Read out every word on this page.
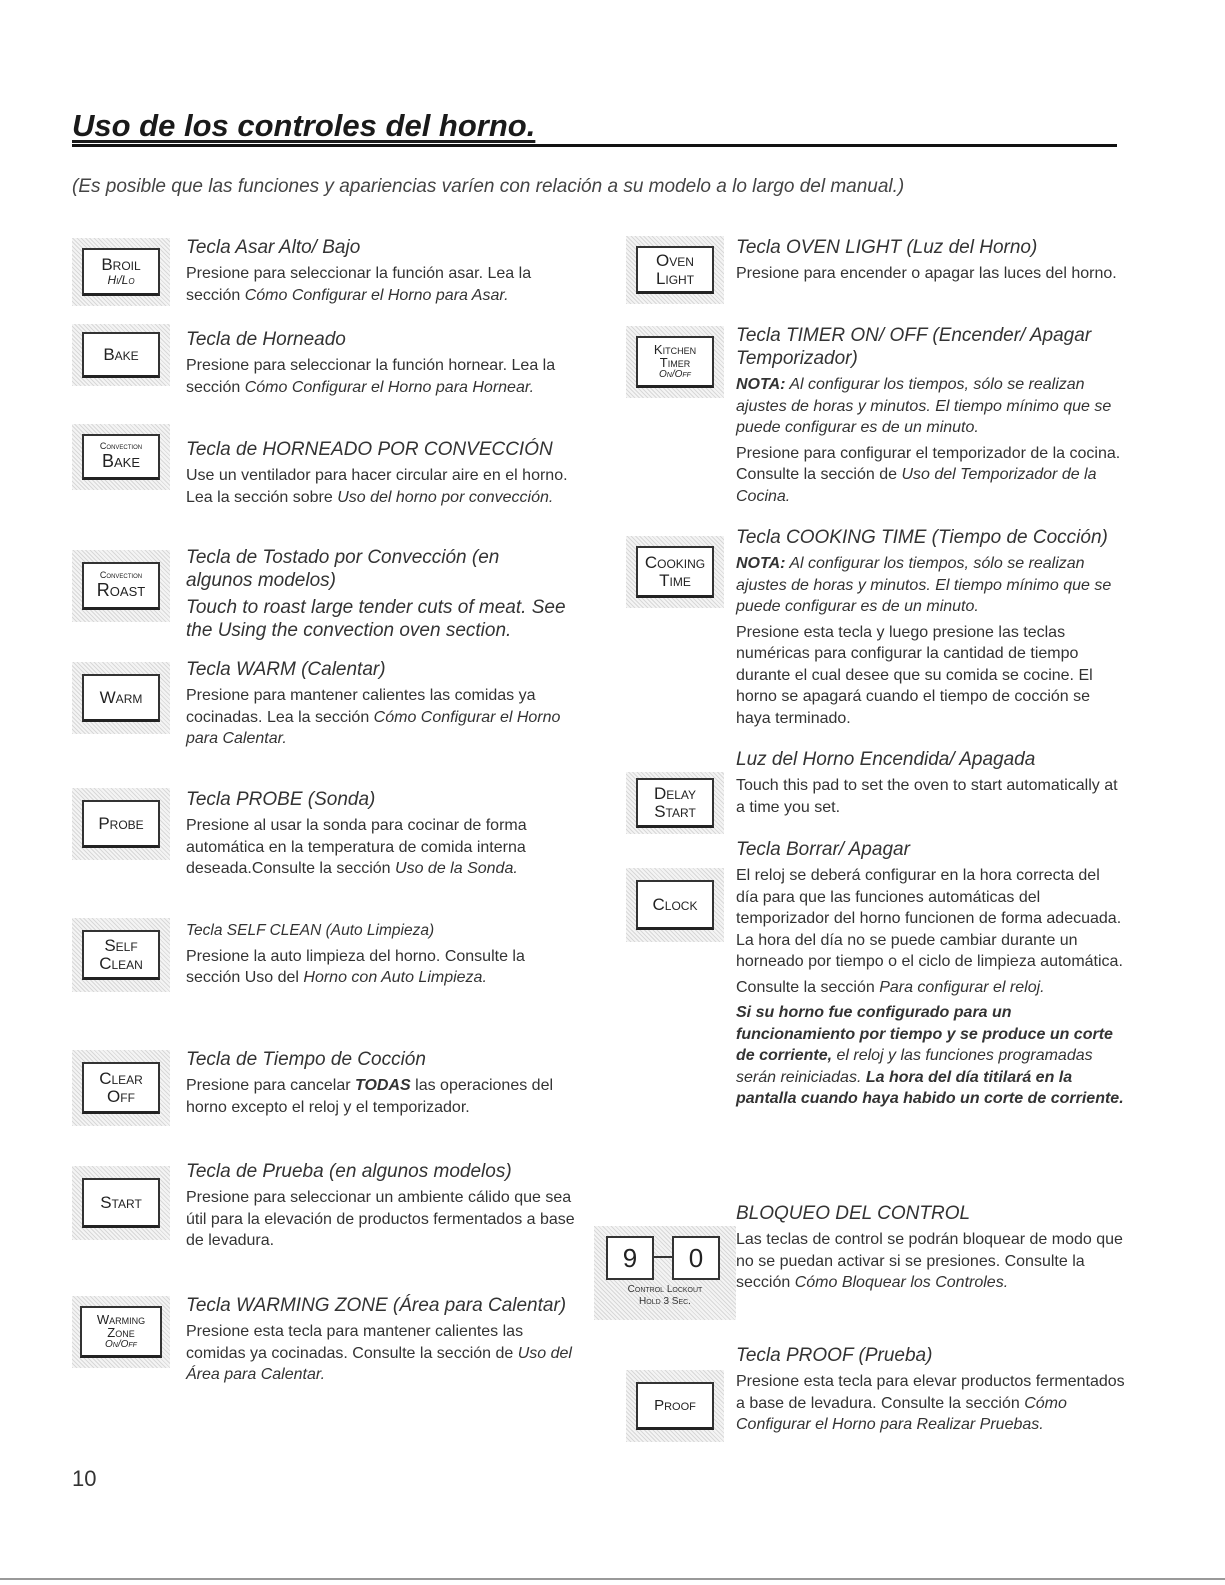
Uso de los controles del horno.

(Es posible que las funciones y apariencias varíen con relación a su modelo a lo largo del manual.)

Broil
Hi/Lo

Tecla Asar Alto/ Bajo

Presione para seleccionar la función asar. Lea la sección Cómo Configurar el Horno para Asar.

Bake

Tecla de Horneado

Presione para seleccionar la función hornear. Lea la sección Cómo Configurar el Horno para Hornear.

Convection
Bake

Tecla de HORNEADO POR CONVECCIÓN

Use un ventilador para hacer circular aire en el horno. Lea la sección sobre Uso del horno por convección.

Convection
Roast

Tecla de Tostado por Convección (en algunos modelos)

Touch to roast large tender cuts of meat. See the Using the convection oven section.

Warm

Tecla WARM (Calentar)

Presione para mantener calientes las comidas ya cocinadas. Lea la sección Cómo Configurar el Horno para Calentar.

Probe

Tecla PROBE (Sonda)

Presione al usar la sonda para cocinar de forma automática en la temperatura de comida interna deseada.Consulte la sección Uso de la Sonda.

Self
Clean

Tecla SELF CLEAN (Auto Limpieza)

Presione la auto limpieza del horno. Consulte la sección Uso del Horno con Auto Limpieza.

Clear
Off

Tecla de Tiempo de Cocción

Presione para cancelar TODAS las operaciones del horno excepto el reloj y el temporizador.

Start

Tecla de Prueba (en algunos modelos)

Presione para seleccionar un ambiente cálido que sea útil para la elevación de productos fermentados a base de levadura.

Warming
Zone
On/Off

Tecla WARMING ZONE (Área para Calentar)

Presione esta tecla para mantener calientes las comidas ya cocinadas. Consulte la sección de Uso del Área para Calentar.

Oven
Light

Tecla OVEN LIGHT (Luz del Horno)

Presione para encender o apagar las luces del horno.

Kitchen
Timer
On/Off

Tecla TIMER ON/ OFF (Encender/ Apagar Temporizador)

NOTA: Al configurar los tiempos, sólo se realizan ajustes de horas y minutos. El tiempo mínimo que se puede configurar es de un minuto.

Presione para configurar el temporizador de la cocina. Consulte la sección de Uso del Temporizador de la Cocina.

Cooking
Time

Tecla COOKING TIME (Tiempo de Cocción)

NOTA: Al configurar los tiempos, sólo se realizan ajustes de horas y minutos. El tiempo mínimo que se puede configurar es de un minuto.

Presione esta tecla y luego presione las teclas numéricas para configurar la cantidad de tiempo durante el cual desee que su comida se cocine. El horno se apagará cuando el tiempo de cocción se haya terminado.

Delay
Start

Luz del Horno Encendida/ Apagada

Touch this pad to set the oven to start automatically at a time you set.

Clock

Tecla Borrar/ Apagar

El reloj se deberá configurar en la hora correcta del día para que las funciones automáticas del temporizador del horno funcionen de forma adecuada. La hora del día no se puede cambiar durante un horneado por tiempo o el ciclo de limpieza automática.

Consulte la sección Para configurar el reloj.

Si su horno fue configurado para un funcionamiento por tiempo y se produce un corte de corriente, el reloj y las funciones programadas serán reiniciadas. La hora del día titilará en la pantalla cuando haya habido un corte de corriente.

9	0
Control Lockout
Hold 3 Sec.

BLOQUEO DEL CONTROL

Las teclas de control se podrán bloquear de modo que no se puedan activar si se presiones. Consulte la sección Cómo Bloquear los Controles.

Proof

Tecla PROOF (Prueba)

Presione esta tecla para elevar productos fermentados a base de levadura. Consulte la sección Cómo Configurar el Horno para Realizar Pruebas.

10
